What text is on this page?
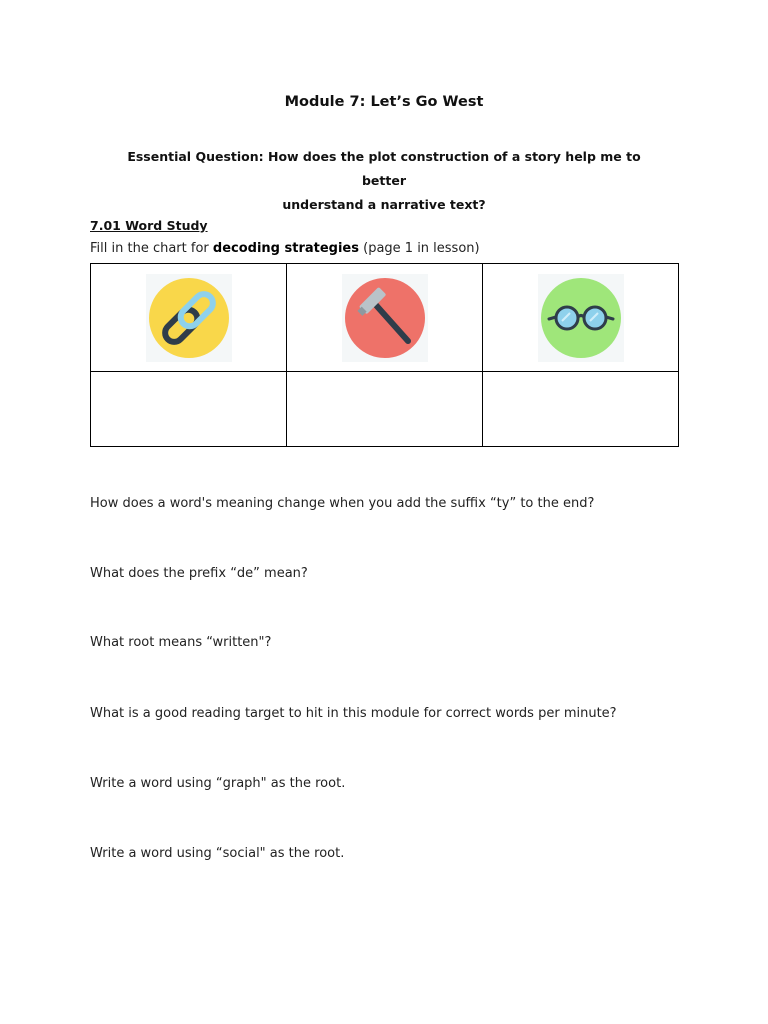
Module 7: Let’s Go West
Essential Question: How does the plot construction of a story help me to better
understand a narrative text?
7.01 Word Study
Fill in the chart for decoding strategies (page 1 in lesson)

How does a word's meaning change when you add the suffix “ty” to the end?
What does the prefix “de” mean?
What root means “written"?
What is a good reading target to hit in this module for correct words per minute?
Write a word using “graph" as the root.
Write a word using “social" as the root.
